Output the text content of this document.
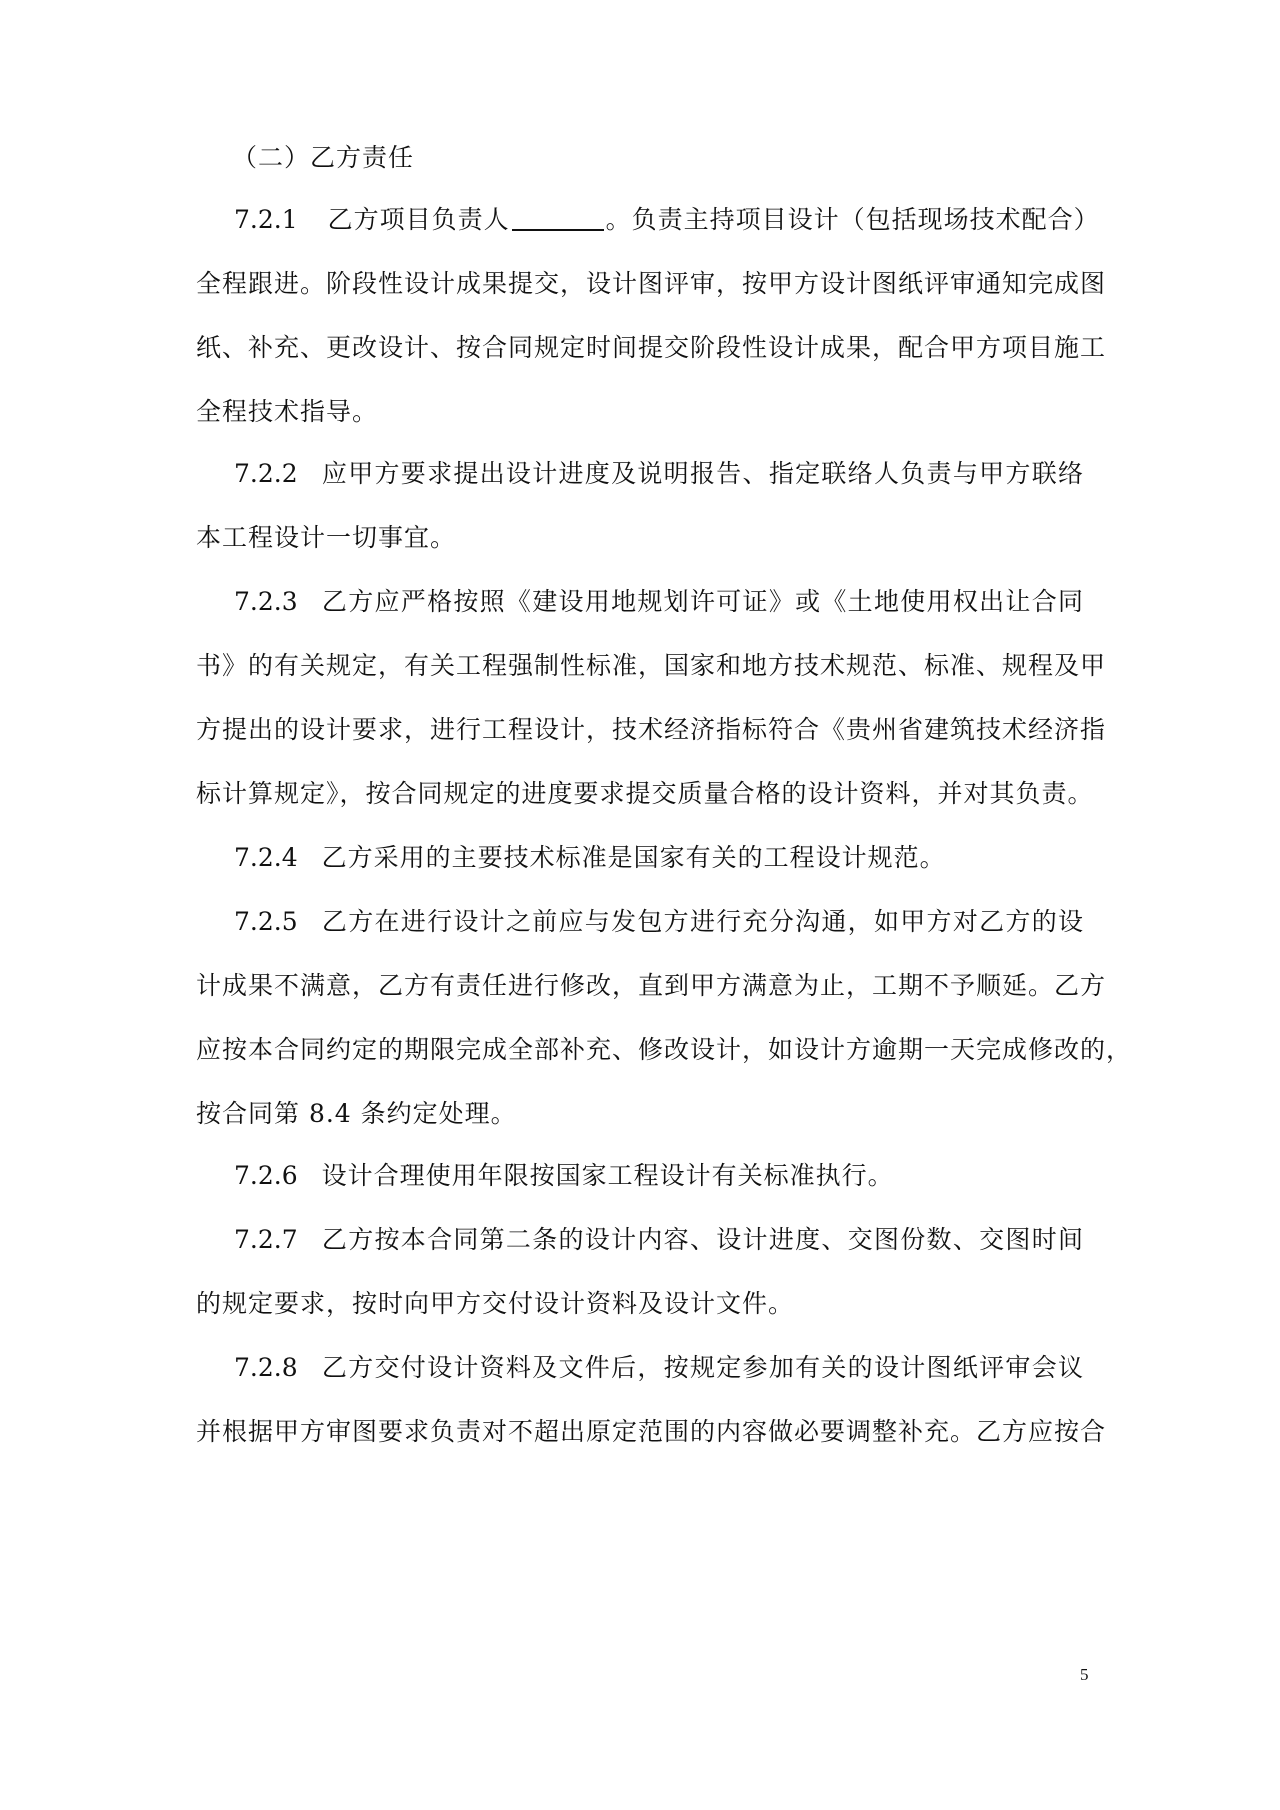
（二）乙方责任
7.2.1 乙方项目负责人	。负责主持项目设计（包括现场技术配合）
全程跟进。阶段性设计成果提交，设计图评审，按甲方设计图纸评审通知完成图
纸、补充、更改设计、按合同规定时间提交阶段性设计成果，配合甲方项目施工
全程技术指导。
7.2.2 应甲方要求提出设计进度及说明报告、指定联络人负责与甲方联络
本工程设计一切事宜。
7.2.3 乙方应严格按照《建设用地规划许可证》或《土地使用权出让合同
书》的有关规定，有关工程强制性标准，国家和地方技术规范、标准、规程及甲
方提出的设计要求，进行工程设计，技术经济指标符合《贵州省建筑技术经济指
标计算规定》，按合同规定的进度要求提交质量合格的设计资料，并对其负责。
7.2.4 乙方采用的主要技术标准是国家有关的工程设计规范。
7.2.5 乙方在进行设计之前应与发包方进行充分沟通，如甲方对乙方的设
计成果不满意，乙方有责任进行修改，直到甲方满意为止，工期不予顺延。乙方
应按本合同约定的期限完成全部补充、修改设计，如设计方逾期一天完成修改的，
按合同第 8.4 条约定处理。
7.2.6 设计合理使用年限按国家工程设计有关标准执行。
7.2.7 乙方按本合同第二条的设计内容、设计进度、交图份数、交图时间
的规定要求，按时向甲方交付设计资料及设计文件。
7.2.8 乙方交付设计资料及文件后，按规定参加有关的设计图纸评审会议
并根据甲方审图要求负责对不超出原定范围的内容做必要调整补充。乙方应按合
5
